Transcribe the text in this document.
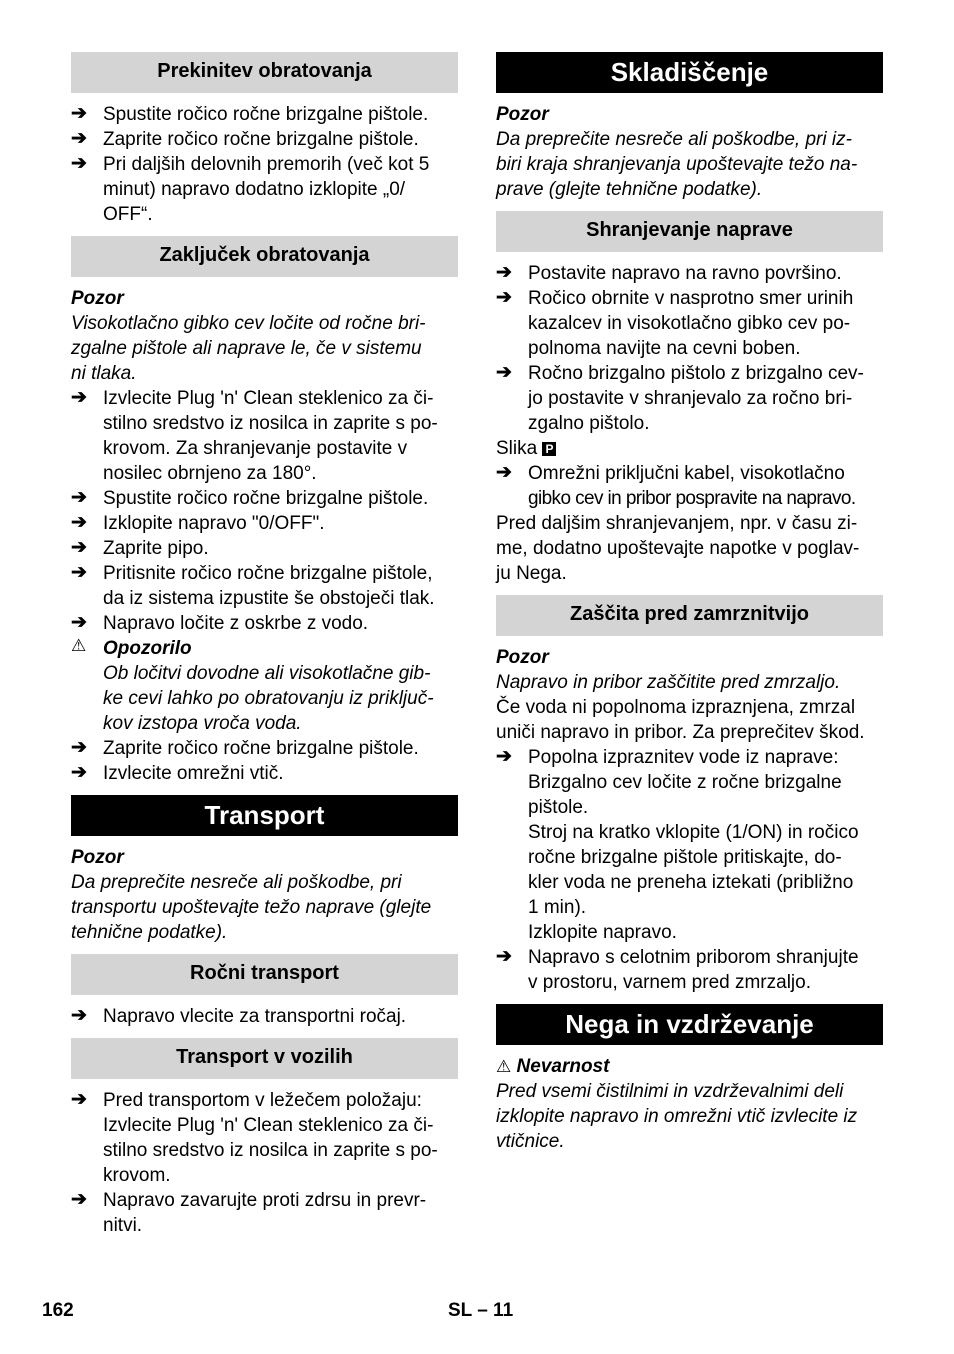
Prekinitev obratovanja
➔ Spustite ročico ročne brizgalne pištole.
➔ Zaprite ročico ročne brizgalne pištole.
➔ Pri daljših delovnih premorih (več kot 5
minut) napravo dodatno izklopite „0/
OFF“.
Zaključek obratovanja
Pozor
Visokotlačno gibko cev ločite od ročne bri-
zgalne pištole ali naprave le, če v sistemu
ni tlaka.
➔ Izvlecite Plug 'n' Clean steklenico za či-
stilno sredstvo iz nosilca in zaprite s po-
krovom. Za shranjevanje postavite v
nosilec obrnjeno za 180°.
➔ Spustite ročico ročne brizgalne pištole.
➔ Izklopite napravo "0/OFF".
➔ Zaprite pipo.
➔ Pritisnite ročico ročne brizgalne pištole,
da iz sistema izpustite še obstoječi tlak.
➔ Napravo ločite z oskrbe z vodo.
⚠ Opozorilo
Ob ločitvi dovodne ali visokotlačne gib-
ke cevi lahko po obratovanju iz priključ-
kov izstopa vroča voda.
➔ Zaprite ročico ročne brizgalne pištole.
➔ Izvlecite omrežni vtič.
Transport
Pozor
Da preprečite nesreče ali poškodbe, pri
transportu upoštevajte težo naprave (glejte
tehnične podatke).
Ročni transport
➔ Napravo vlecite za transportni ročaj.
Transport v vozilih
➔ Pred transportom v ležečem položaju:
Izvlecite Plug 'n' Clean steklenico za či-
stilno sredstvo iz nosilca in zaprite s po-
krovom.
➔ Napravo zavarujte proti zdrsu in prevr-
nitvi.
Skladiščenje
Pozor
Da preprečite nesreče ali poškodbe, pri iz-
biri kraja shranjevanja upoštevajte težo na-
prave (glejte tehnične podatke).
Shranjevanje naprave
➔ Postavite napravo na ravno površino.
➔ Ročico obrnite v nasprotno smer urinih
kazalcev in visokotlačno gibko cev po-
polnoma navijte na cevni boben.
➔ Ročno brizgalno pištolo z brizgalno cev-
jo postavite v shranjevalo za ročno bri-
zgalno pištolo.
Slika P
➔ Omrežni priključni kabel, visokotlačno
gibko cev in pribor pospravite na napravo.
Pred daljšim shranjevanjem, npr. v času zi-
me, dodatno upoštevajte napotke v poglav-
ju Nega.
Zaščita pred zamrznitvijo
Pozor
Napravo in pribor zaščitite pred zmrzaljo.
Če voda ni popolnoma izpraznjena, zmrzal
uniči napravo in pribor. Za preprečitev škod.
➔ Popolna izpraznitev vode iz naprave:
Brizgalno cev ločite z ročne brizgalne
pištole.
Stroj na kratko vklopite (1/ON) in ročico
ročne brizgalne pištole pritiskajte, do-
kler voda ne preneha iztekati (približno
1 min).
Izklopite napravo.
➔ Napravo s celotnim priborom shranjujte
v prostoru, varnem pred zmrzaljo.
Nega in vzdrževanje
⚠ Nevarnost
Pred vsemi čistilnimi in vzdrževalnimi deli
izklopite napravo in omrežni vtič izvlecite iz
vtičnice.
162	SL – 11
